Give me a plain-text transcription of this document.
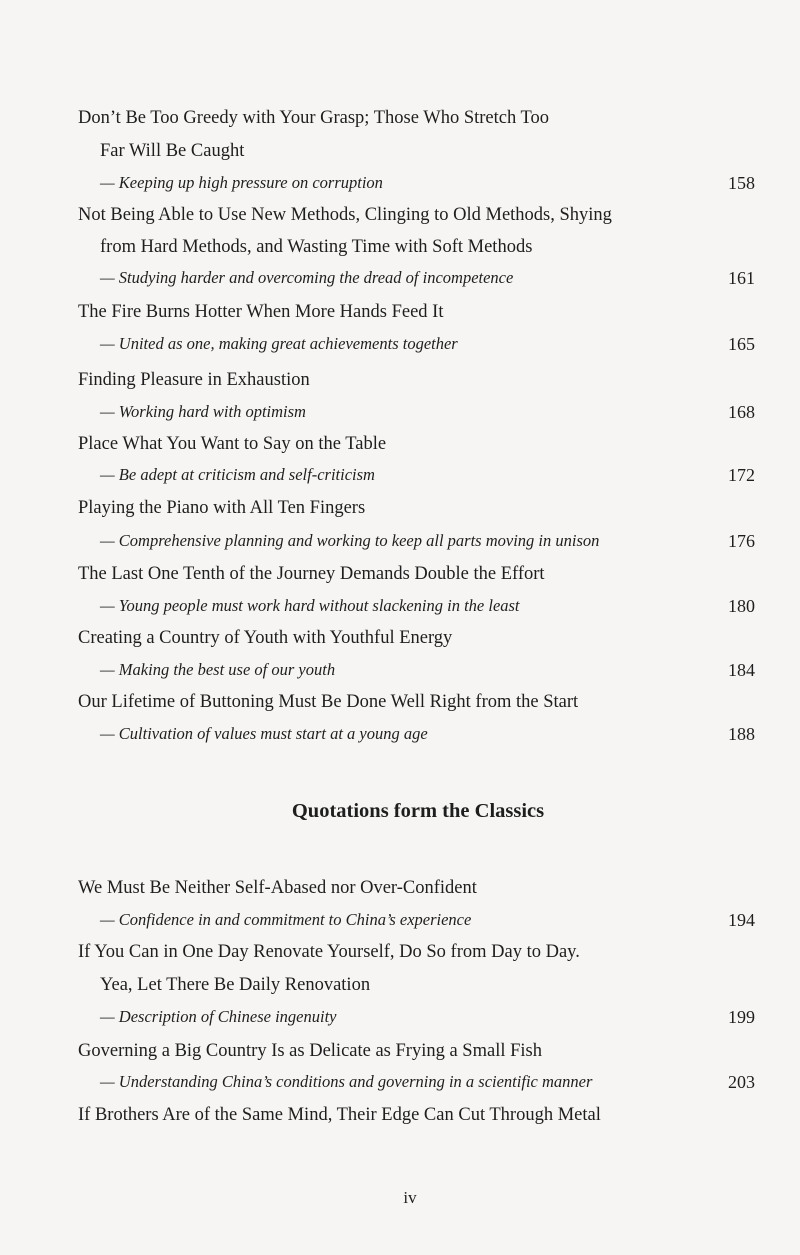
Don’t Be Too Greedy with Your Grasp; Those Who Stretch Too
Far Will Be Caught
— Keeping up high pressure on corruption	158
Not Being Able to Use New Methods, Clinging to Old Methods, Shying
from Hard Methods, and Wasting Time with Soft Methods
— Studying harder and overcoming the dread of incompetence	161
The Fire Burns Hotter When More Hands Feed It
— United as one, making great achievements together	165
Finding Pleasure in Exhaustion
— Working hard with optimism	168
Place What You Want to Say on the Table
— Be adept at criticism and self-criticism	172
Playing the Piano with All Ten Fingers
— Comprehensive planning and working to keep all parts moving in unison	176
The Last One Tenth of the Journey Demands Double the Effort
— Young people must work hard without slackening in the least	180
Creating a Country of Youth with Youthful Energy
— Making the best use of our youth	184
Our Lifetime of Buttoning Must Be Done Well Right from the Start
— Cultivation of values must start at a young age	188
Quotations form the Classics
We Must Be Neither Self-Abased nor Over-Confident
— Confidence in and commitment to China’s experience	194
If You Can in One Day Renovate Yourself, Do So from Day to Day.
Yea, Let There Be Daily Renovation
— Description of Chinese ingenuity	199
Governing a Big Country Is as Delicate as Frying a Small Fish
— Understanding China’s conditions and governing in a scientific manner	203
If Brothers Are of the Same Mind, Their Edge Can Cut Through Metal
iv
